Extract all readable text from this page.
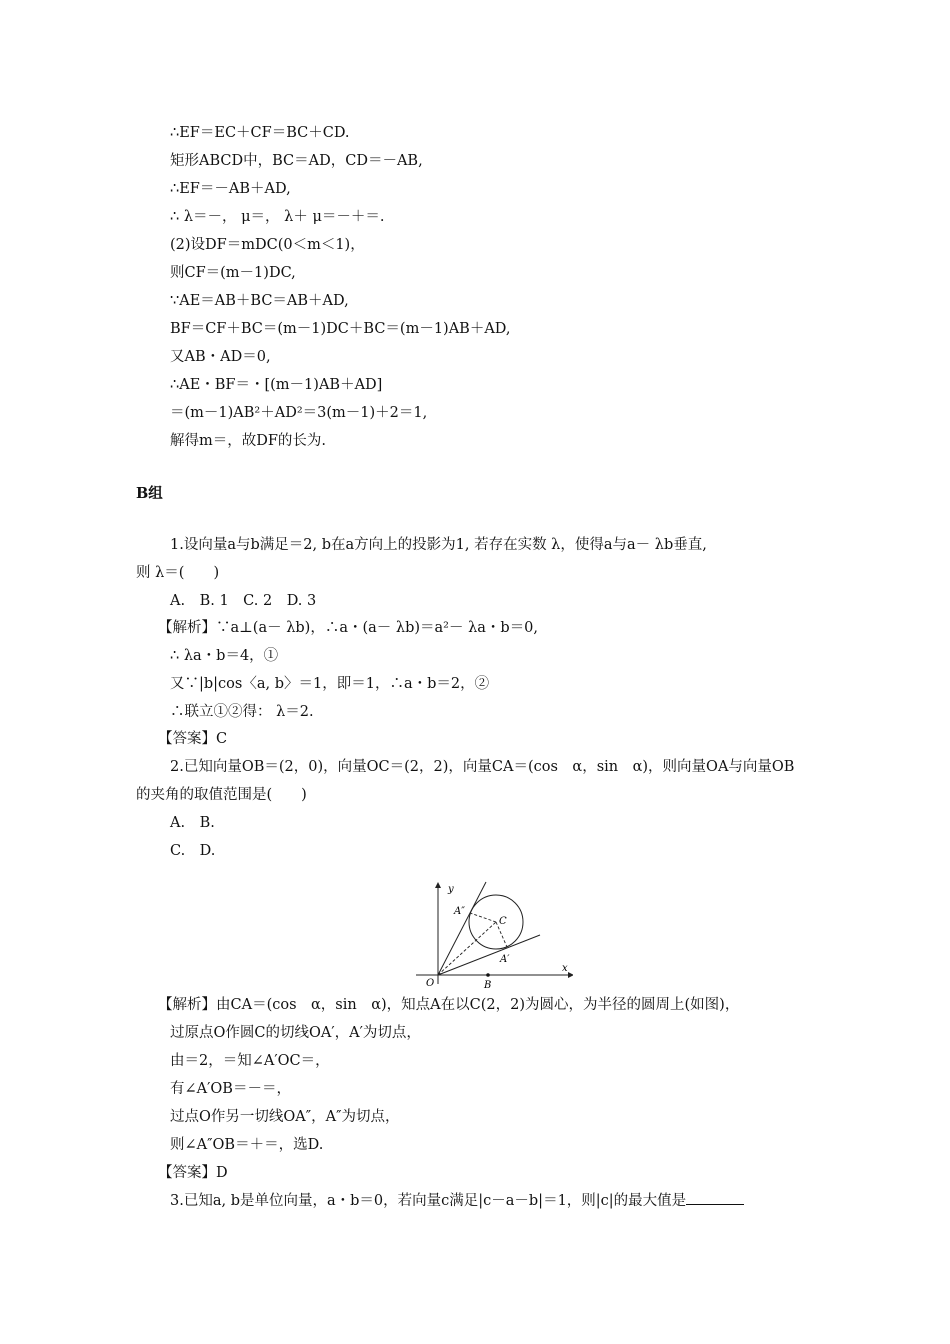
∴EF＝EC＋CF＝BC＋CD.
矩形ABCD中，BC＝AD，CD＝－AB,
∴EF＝－AB＋AD,
∴ λ＝－， μ＝， λ＋ μ＝－＋＝.
(2)设DF＝mDC(0＜m＜1)，
则CF＝(m－1)DC,
∵AE＝AB＋BC＝AB＋AD,
BF＝CF＋BC＝(m－1)DC＋BC＝(m－1)AB＋AD,
又AB・AD＝0,
∴AE・BF＝・[(m－1)AB＋AD]
＝(m－1)AB²＋AD²＝3(m－1)＋2＝1,
解得m＝，故DF的长为.
B组
1.设向量a与b满足＝2, b在a方向上的投影为1, 若存在实数 λ，使得a与a－ λb垂直,
则 λ＝(　　)
A.　B. 1　C. 2　D. 3
【解析】∵a⊥(a－ λb)，∴a・(a－ λb)＝a²－ λa・b＝0,
∴ λa・b＝4，①
又∵|b|cos〈a, b〉＝1，即＝1，∴a・b＝2，②
∴联立①②得： λ＝2.
【答案】C
2.已知向量OB＝(2，0)，向量OC＝(2，2)，向量CA＝(cos　α，sin　α)，则向量OA与向量OB
的夹角的取值范围是(　　)
A.　B.
C.　D.
y
x
O	B
C
A″
A′
【解析】由CA＝(cos　α，sin　α)，知点A在以C(2，2)为圆心，为半径的圆周上(如图)，
过原点O作圆C的切线OA′，A′为切点，
由＝2，＝知∠A′OC＝，
有∠A′OB＝－＝，
过点O作另一切线OA″，A″为切点，
则∠A″OB＝＋＝，选D.
【答案】D
3.已知a, b是单位向量，a・b＝0，若向量c满足|c－a－b|＝1，则|c|的最大值是
